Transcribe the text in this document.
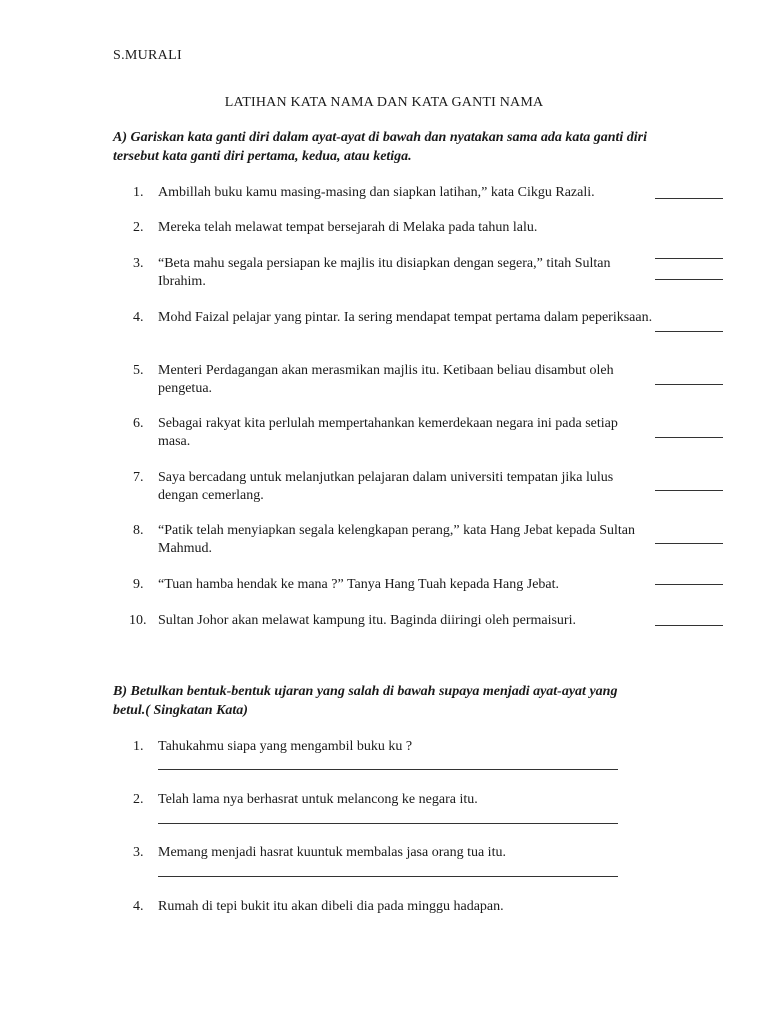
S.MURALI
LATIHAN KATA NAMA DAN KATA GANTI NAMA
A) Gariskan kata ganti diri dalam ayat-ayat di bawah dan nyatakan sama ada kata ganti diri tersebut kata ganti diri pertama, kedua, atau ketiga.
1.	Ambillah buku kamu masing-masing dan siapkan latihan,” kata Cikgu Razali.
2.	Mereka telah melawat tempat bersejarah di Melaka pada tahun lalu.
3.	“Beta mahu segala persiapan ke majlis itu disiapkan dengan segera,” titah Sultan Ibrahim.
4.	Mohd Faizal pelajar yang pintar. Ia sering mendapat tempat pertama dalam peperiksaan.
5.	Menteri Perdagangan akan merasmikan majlis itu. Ketibaan beliau disambut oleh pengetua.
6.	Sebagai rakyat kita perlulah mempertahankan kemerdekaan negara ini pada setiap masa.
7.	Saya bercadang untuk melanjutkan pelajaran dalam universiti tempatan jika lulus dengan cemerlang.
8.	“Patik telah menyiapkan segala kelengkapan perang,” kata Hang Jebat kepada Sultan Mahmud.
9.	“Tuan hamba hendak ke mana ?” Tanya Hang Tuah kepada Hang Jebat.
10. Sultan Johor akan melawat kampung itu. Baginda diiringi oleh permaisuri.
B) Betulkan bentuk-bentuk ujaran yang salah di bawah supaya menjadi ayat-ayat yang betul.( Singkatan Kata)
1.	Tahukahmu siapa yang mengambil buku ku ?
2.	Telah lama nya berhasrat untuk melancong ke negara itu.
3.	Memang menjadi hasrat kuuntuk membalas jasa orang tua itu.
4.	Rumah di tepi bukit itu akan dibeli dia pada minggu hadapan.
